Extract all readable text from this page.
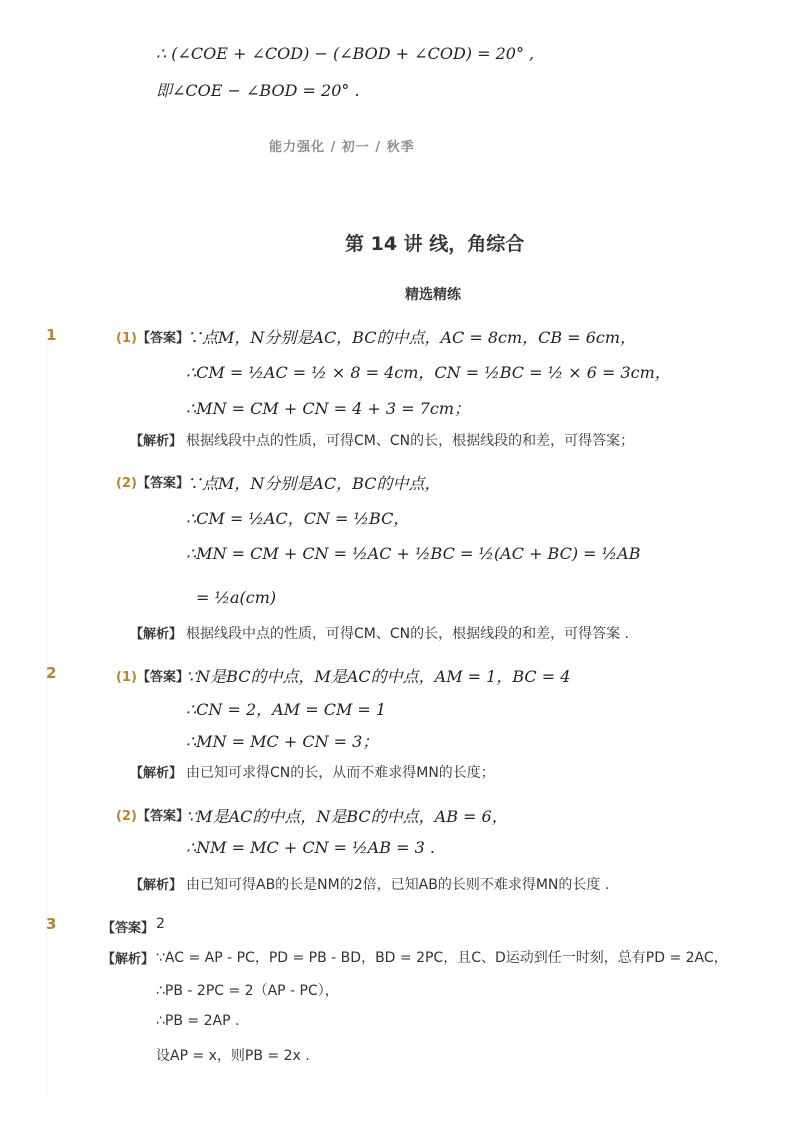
∴ (∠COE + ∠COD) − (∠BOD + ∠COD) = 20° ,
即∠COE − ∠BOD = 20° .
能力强化 / 初一 / 秋季
第 14 讲 线，角综合
精选精练
1	(1)【答案】
∵点M，N分别是AC，BC的中点，AC = 8cm，CB = 6cm，
∴CM = ½AC = ½ × 8 = 4cm，CN = ½BC = ½ × 6 = 3cm，
∴MN = CM + CN = 4 + 3 = 7cm；
【解析】 根据线段中点的性质，可得CM、CN的长，根据线段的和差，可得答案；
(2)【答案】
∵点M，N分别是AC，BC的中点，
∴CM = ½AC，CN = ½BC，
∴MN = CM + CN = ½AC + ½BC = ½(AC + BC) = ½AB
= ½a(cm)
【解析】 根据线段中点的性质，可得CM、CN的长，根据线段的和差，可得答案 .
2	(1)【答案】
∵N是BC的中点，M是AC的中点，AM = 1，BC = 4
∴CN = 2，AM = CM = 1
∴MN = MC + CN = 3；
【解析】 由已知可求得CN的长，从而不难求得MN的长度；
(2)【答案】
∵M是AC的中点，N是BC的中点，AB = 6，
∴NM = MC + CN = ½AB = 3 .
【解析】 由已知可得AB的长是NM的2倍，已知AB的长则不难求得MN的长度 .
3	【答案】 2
【解析】 ∵AC = AP - PC，PD = PB - BD，BD = 2PC，且C、D运动到任一时刻，总有PD = 2AC，
∴PB - 2PC = 2（AP - PC），
∴PB = 2AP .
设AP = x，则PB = 2x .
